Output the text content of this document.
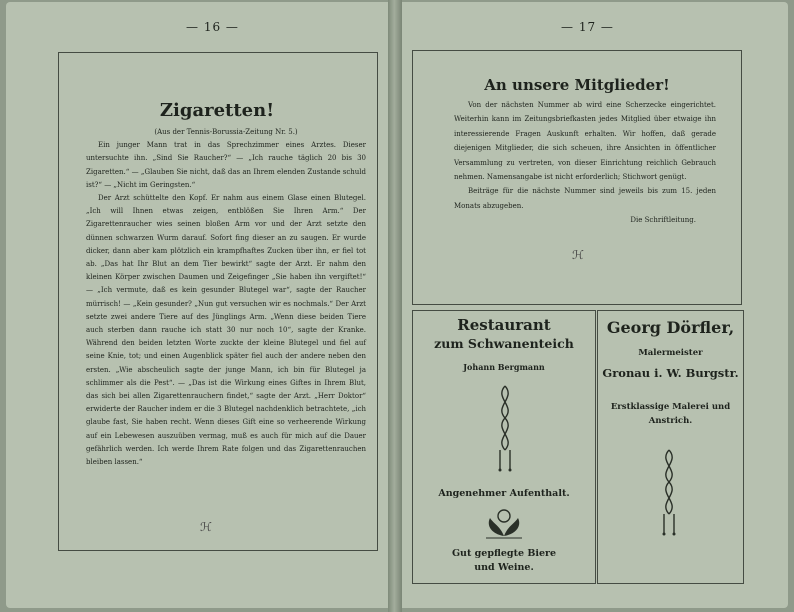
— 16 —	— 17 —
Zigaretten!

(Aus der Tennis-Borussia-Zeitung Nr. 5.)

Ein junger Mann trat in das Sprechzimmer eines Arztes. Dieser untersuchte ihn. „Sind Sie Raucher?“ — „Ich rauche täglich 20 bis 30 Zigaretten.“ — „Glauben Sie nicht, daß das an Ihrem elenden Zustande schuld ist?“ — „Nicht im Geringsten.“

Der Arzt schüttelte den Kopf. Er nahm aus einem Glase einen Blutegel. „Ich will Ihnen etwas zeigen, entblößen Sie Ihren Arm.“ Der Zigarettenraucher wies seinen bloßen Arm vor und der Arzt setzte den dünnen schwarzen Wurm darauf. Sofort fing dieser an zu saugen. Er wurde dicker, dann aber kam plötzlich ein krampfhaftes Zucken über ihn, er fiel tot ab. „Das hat Ihr Blut an dem Tier bewirkt“ sagte der Arzt. Er nahm den kleinen Körper zwischen Daumen und Zeigefinger „Sie haben ihn vergiftet!“ — „Ich vermute, daß es kein gesunder Blutegel war“, sagte der Raucher mürrisch! — „Kein gesunder? „Nun gut versuchen wir es nochmals.“ Der Arzt setzte zwei andere Tiere auf des Jünglings Arm. „Wenn diese beiden Tiere auch sterben dann rauche ich statt 30 nur noch 10“, sagte der Kranke. Während den beiden letzten Worte zuckte der kleine Blutegel und fiel auf seine Knie, tot; und einen Augenblick später fiel auch der andere neben den ersten. „Wie abscheulich sagte der junge Mann, ich bin für Blutegel ja schlimmer als die Pest“. — „Das ist die Wirkung eines Giftes in Ihrem Blut, das sich bei allen Zigarettenrauchern findet,“ sagte der Arzt. „Herr Doktor“ erwiderte der Raucher indem er die 3 Blutegel nachdenklich betrachtete, „ich glaube fast, Sie haben recht. Wenn dieses Gift eine so verheerende Wirkung auf ein Lebewesen auszuüben vermag, muß es auch für mich auf die Dauer gefährlich werden. Ich werde Ihrem Rate folgen und das Zigarettenrauchen bleiben lassen.“

ℋ
An unsere Mitglieder!

Von der nächsten Nummer ab wird eine Scherzecke eingerichtet. Weiterhin kann im Zeitungsbriefkasten jedes Mitglied über etwaige ihn interessierende Fragen Auskunft erhalten. Wir hoffen, daß gerade diejenigen Mitglieder, die sich scheuen, ihre Ansichten in öffentlicher Versammlung zu vertreten, von dieser Einrichtung reichlich Gebrauch nehmen. Namensangabe ist nicht erforderlich; Stichwort genügt.

Beiträge für die nächste Nummer sind jeweils bis zum 15. jeden Monats abzugeben.

Die Schriftleitung.

ℋ
Restaurant
zum Schwanenteich
Johann Bergmann
Angenehmer Aufenthalt.
Gut gepflegte Biere
und Weine.
Georg Dörfler,
Malermeister
Gronau i. W. Burgstr.
Erstklassige Malerei und
Anstrich.
